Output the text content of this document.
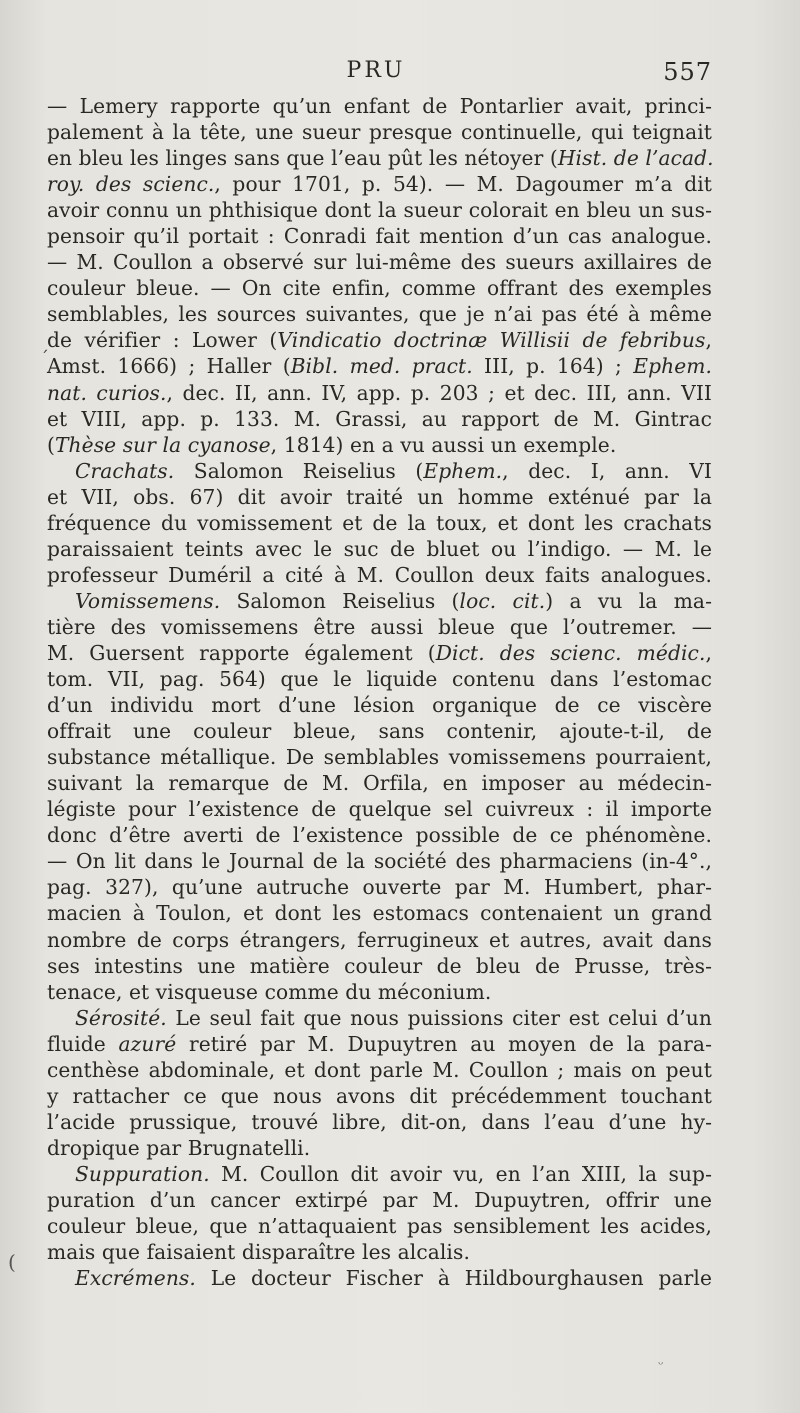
PRU	557
´
(
ᵕ
— Lemery rapporte qu’un enfant de Pontarlier avait, princi-
palement à la tête, une sueur presque continuelle, qui teignait
en bleu les linges sans que l’eau pût les nétoyer (Hist. de l’acad.
roy. des scienc., pour 1701, p. 54). — M. Dagoumer m’a dit
avoir connu un phthisique dont la sueur colorait en bleu un sus-
pensoir qu’il portait : Conradi fait mention d’un cas analogue.
— M. Coullon a observé sur lui-même des sueurs axillaires de
couleur bleue. — On cite enfin, comme offrant des exemples
semblables, les sources suivantes, que je n’ai pas été à même
de vérifier : Lower (Vindicatio doctrinæ Willisii de febribus,
Amst. 1666) ; Haller (Bibl. med. pract. III, p. 164) ; Ephem.
nat. curios., dec. II, ann. IV, app. p. 203 ; et dec. III, ann. VII
et VIII, app. p. 133. M. Grassi, au rapport de M. Gintrac
(Thèse sur la cyanose, 1814) en a vu aussi un exemple.
Crachats. Salomon Reiselius (Ephem., dec. I, ann. VI
et VII, obs. 67) dit avoir traité un homme exténué par la
fréquence du vomissement et de la toux, et dont les crachats
paraissaient teints avec le suc de bluet ou l’indigo. — M. le
professeur Duméril a cité à M. Coullon deux faits analogues.
Vomissemens. Salomon Reiselius (loc. cit.) a vu la ma-
tière des vomissemens être aussi bleue que l’outremer. —
M. Guersent rapporte également (Dict. des scienc. médic.,
tom. VII, pag. 564) que le liquide contenu dans l’estomac
d’un individu mort d’une lésion organique de ce viscère
offrait une couleur bleue, sans contenir, ajoute-t-il, de
substance métallique. De semblables vomissemens pourraient,
suivant la remarque de M. Orfila, en imposer au médecin-
légiste pour l’existence de quelque sel cuivreux : il importe
donc d’être averti de l’existence possible de ce phénomène.
— On lit dans le Journal de la société des pharmaciens (in-4°.,
pag. 327), qu’une autruche ouverte par M. Humbert, phar-
macien à Toulon, et dont les estomacs contenaient un grand
nombre de corps étrangers, ferrugineux et autres, avait dans
ses intestins une matière couleur de bleu de Prusse, très-
tenace, et visqueuse comme du méconium.
Sérosité. Le seul fait que nous puissions citer est celui d’un
fluide azuré retiré par M. Dupuytren au moyen de la para-
centhèse abdominale, et dont parle M. Coullon ; mais on peut
y rattacher ce que nous avons dit précédemment touchant
l’acide prussique, trouvé libre, dit-on, dans l’eau d’une hy-
dropique par Brugnatelli.
Suppuration. M. Coullon dit avoir vu, en l’an XIII, la sup-
puration d’un cancer extirpé par M. Dupuytren, offrir une
couleur bleue, que n’attaquaient pas sensiblement les acides,
mais que faisaient disparaître les alcalis.
Excrémens. Le docteur Fischer à Hildbourghausen parle
